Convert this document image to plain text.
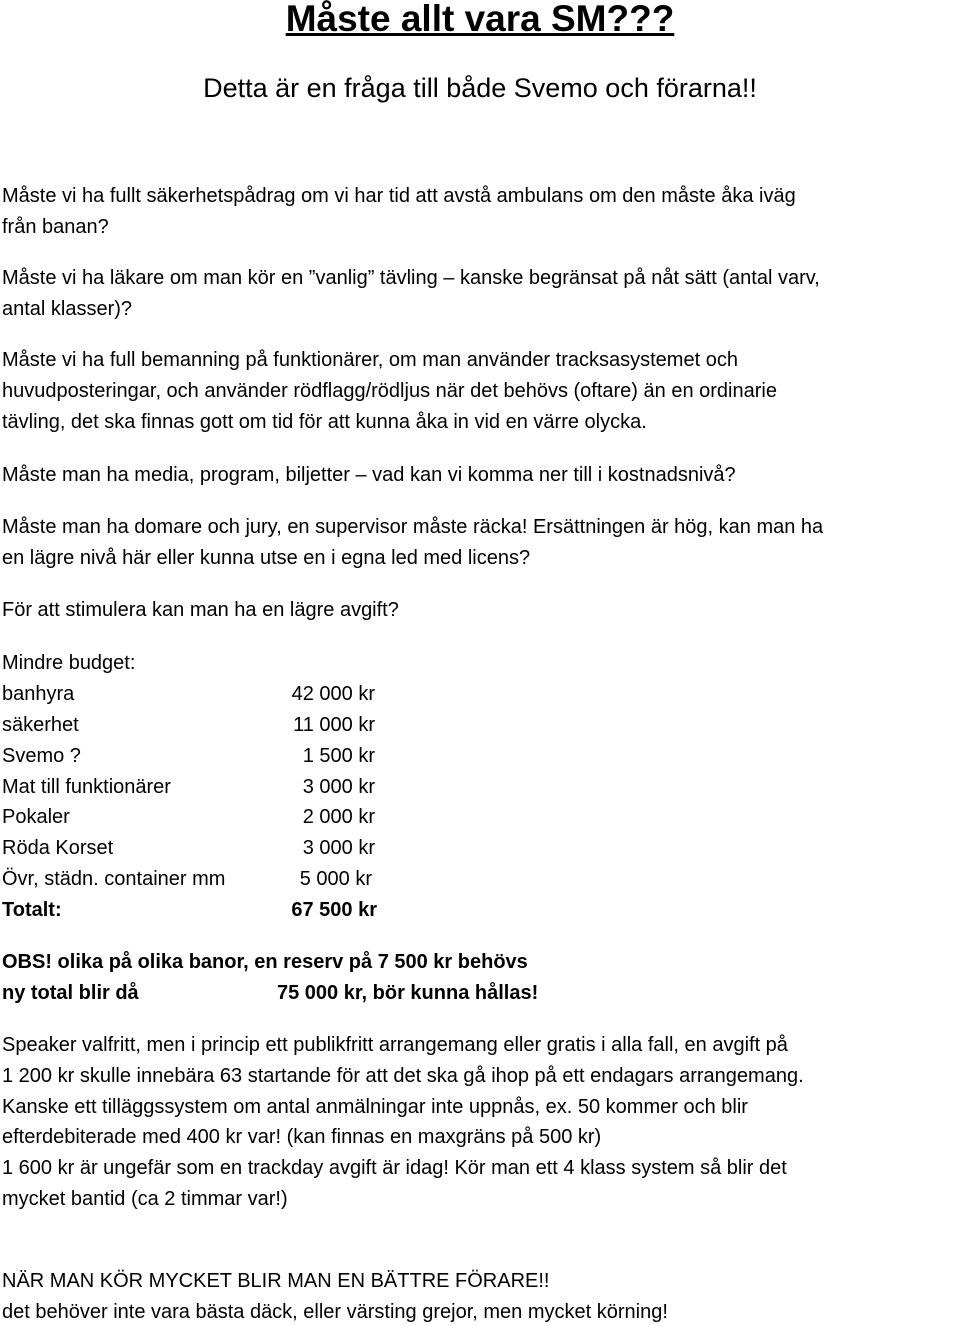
Måste allt vara SM???
Detta är en fråga till både Svemo och förarna!!
Måste vi ha fullt säkerhetspådrag om vi har tid att avstå ambulans om den måste åka iväg
från banan?
Måste vi ha läkare om man kör en ”vanlig” tävling – kanske begränsat på nåt sätt (antal varv,
antal klasser)?
Måste vi ha full bemanning på funktionärer, om man använder tracksasystemet och
huvudposteringar, och använder rödflagg/rödljus när det behövs (oftare) än en ordinarie
tävling, det ska finnas gott om tid för att kunna åka in vid en värre olycka.
Måste man ha media, program, biljetter – vad kan vi komma ner till i kostnadsnivå?
Måste man ha domare och jury, en supervisor måste räcka! Ersättningen är hög, kan man ha
en lägre nivå här eller kunna utse en i egna led med licens?
För att stimulera kan man ha en lägre avgift?
Mindre budget:
banhyra	42 000 kr
säkerhet	11 000 kr
Svemo ?	1 500 kr
Mat till funktionärer	3 000 kr
Pokaler	2 000 kr
Röda Korset	3 000 kr
Övr, städn. container mm	5 000 kr
Totalt:	67 500 kr
OBS! olika på olika banor, en reserv på 7 500 kr behövs
ny total blir då	75 000 kr, bör kunna hållas!
Speaker valfritt, men i princip ett publikfritt arrangemang eller gratis i alla fall, en avgift på
1 200 kr skulle innebära 63 startande för att det ska gå ihop på ett endagars arrangemang.
Kanske ett tilläggssystem om antal anmälningar inte uppnås, ex. 50 kommer och blir
efterdebiterade med 400 kr var! (kan finnas en maxgräns på 500 kr)
1 600 kr är ungefär som en trackday avgift är idag! Kör man ett 4 klass system så blir det
mycket bantid (ca 2 timmar var!)
NÄR MAN KÖR MYCKET BLIR MAN EN BÄTTRE FÖRARE!!
det behöver inte vara bästa däck, eller värsting grejor, men mycket körning!
